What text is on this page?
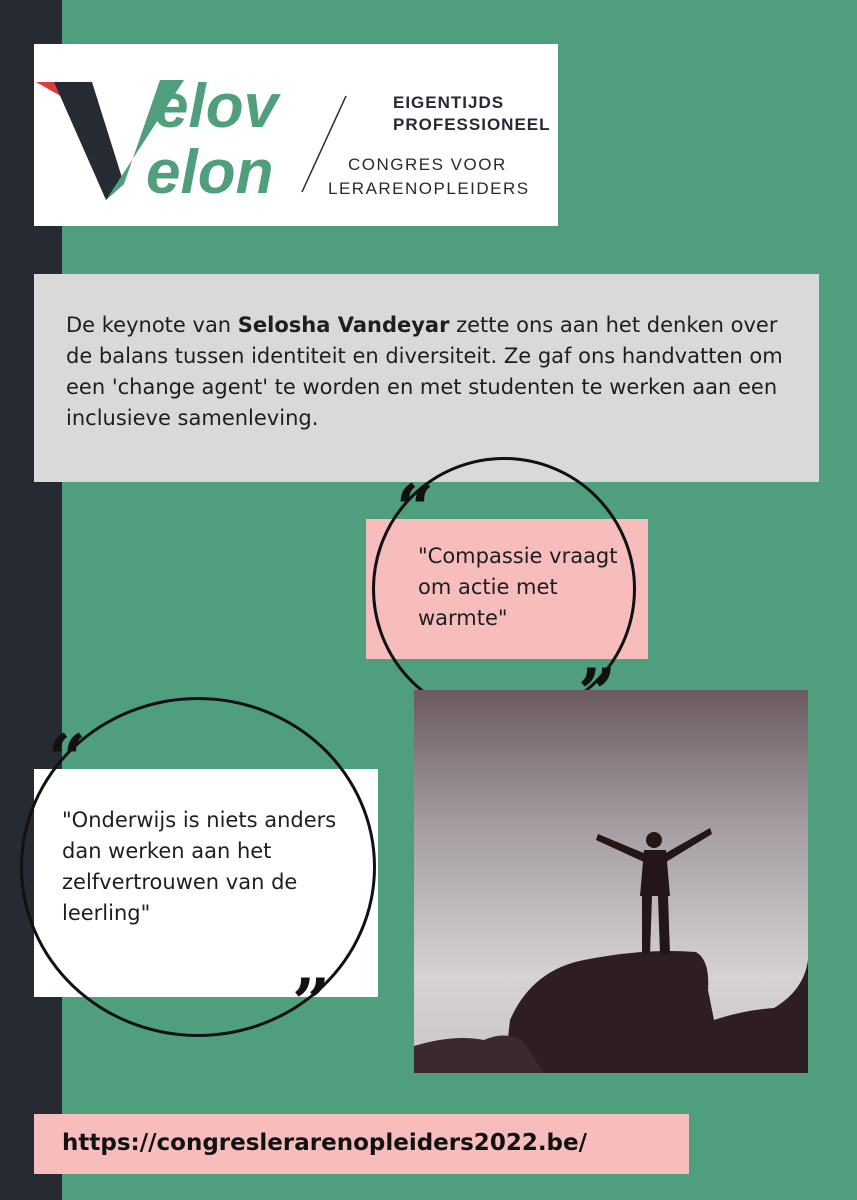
elov
elon
EIGENTIJDS
PROFESSIONEEL
CONGRES VOOR
LERARENOPLEIDERS

De keynote van Selosha Vandeyar zette ons aan het denken over de balans tussen identiteit en diversiteit. Ze gaf ons handvatten om een 'change agent' te worden en met studenten te werken aan een inclusieve samenleving.

"Compassie vraagt om actie met warmte"

“

"Onderwijs is niets anders dan werken aan het zelfvertrouwen van de leerling"

“
”
https://congreslerarenopleiders2022.be/
